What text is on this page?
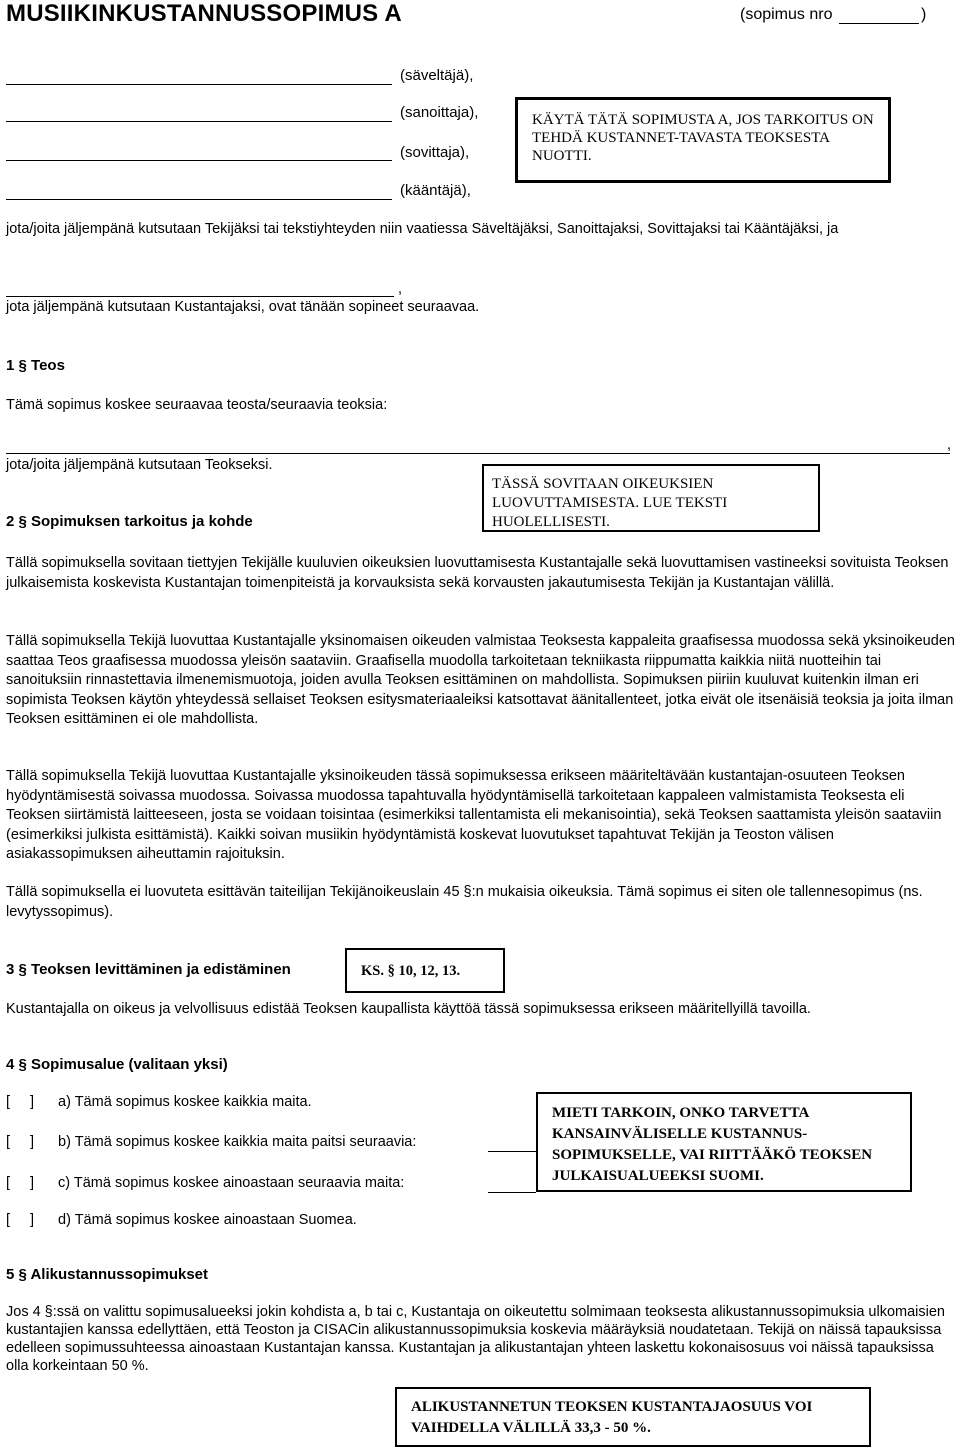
MUSIIKINKUSTANNUSSOPIMUS A	(sopimus nro	)
(säveltäjä),
(sanoittaja),
(sovittaja),
(kääntäjä),
KÄYTÄ TÄTÄ SOPIMUSTA A, JOS TARKOITUS ON TEHDÄ KUSTANNET-TAVASTA TEOKSESTA NUOTTI.
jota/joita jäljempänä kutsutaan Tekijäksi tai tekstiyhteyden niin vaatiessa Säveltäjäksi, Sanoittajaksi, Sovittajaksi tai Kääntäjäksi, ja
,
jota jäljempänä kutsutaan Kustantajaksi, ovat tänään sopineet seuraavaa.
1 § Teos
Tämä sopimus koskee seuraavaa teosta/seuraavia teoksia:
,
jota/joita jäljempänä kutsutaan Teokseksi.
TÄSSÄ SOVITAAN OIKEUKSIEN LUOVUTTAMISESTA. LUE TEKSTI HUOLELLISESTI.
2 § Sopimuksen tarkoitus ja kohde
Tällä sopimuksella sovitaan tiettyjen Tekijälle kuuluvien oikeuksien luovuttamisesta Kustantajalle sekä luovuttamisen vastineeksi sovituista Teoksen julkaisemista koskevista Kustantajan toimenpiteistä ja korvauksista sekä korvausten jakautumisesta Tekijän ja Kustantajan välillä.
Tällä sopimuksella Tekijä luovuttaa Kustantajalle yksinomaisen oikeuden valmistaa Teoksesta kappaleita graafisessa muodossa sekä yksinoikeuden saattaa Teos graafisessa muodossa yleisön saataviin. Graafisella muodolla tarkoitetaan tekniikasta riippumatta kaikkia niitä nuotteihin tai sanoituksiin rinnastettavia ilmenemismuotoja, joiden avulla Teoksen esittäminen on mahdollista. Sopimuksen piiriin kuuluvat kuitenkin ilman eri sopimista Teoksen käytön yhteydessä sellaiset Teoksen esitysmateriaaleiksi katsottavat äänitallenteet, jotka eivät ole itsenäisiä teoksia ja joita ilman Teoksen esittäminen ei ole mahdollista.
Tällä sopimuksella Tekijä luovuttaa Kustantajalle yksinoikeuden tässä sopimuksessa erikseen määriteltävään kustantajan-osuuteen Teoksen hyödyntämisestä soivassa muodossa. Soivassa muodossa tapahtuvalla hyödyntämisellä tarkoitetaan kappaleen valmistamista Teoksesta eli Teoksen siirtämistä laitteeseen, josta se voidaan toisintaa (esimerkiksi tallentamista eli mekanisointia), sekä Teoksen saattamista yleisön saataviin (esimerkiksi julkista esittämistä). Kaikki soivan musiikin hyödyntämistä koskevat luovutukset tapahtuvat Tekijän ja Teoston välisen asiakassopimuksen aiheuttamin rajoituksin.
Tällä sopimuksella ei luovuteta esittävän taiteilijan Tekijänoikeuslain 45 §:n mukaisia oikeuksia. Tämä sopimus ei siten ole tallennesopimus (ns. levytyssopimus).
3 § Teoksen levittäminen ja edistäminen	KS. § 10, 12, 13.
Kustantajalla on oikeus ja velvollisuus edistää Teoksen kaupallista käyttöä tässä sopimuksessa erikseen määritellyillä tavoilla.
4 § Sopimusalue (valitaan yksi)
[ ] a) Tämä sopimus koskee kaikkia maita.
[ ] b) Tämä sopimus koskee kaikkia maita paitsi seuraavia:
[ ] c) Tämä sopimus koskee ainoastaan seuraavia maita:
[ ] d) Tämä sopimus koskee ainoastaan Suomea.
MIETI TARKOIN, ONKO TARVETTA KANSAINVÄLISELLE KUSTANNUS-SOPIMUKSELLE, VAI RIITTÄÄKÖ TEOKSEN JULKAISUALUEEKSI SUOMI.
5 § Alikustannussopimukset
Jos 4 §:ssä on valittu sopimusalueeksi jokin kohdista a, b tai c, Kustantaja on oikeutettu solmimaan teoksesta alikustannussopimuksia ulkomaisien kustantajien kanssa edellyttäen, että Teoston ja CISACin alikustannussopimuksia koskevia määräyksiä noudatetaan. Tekijä on näissä tapauksissa edelleen sopimussuhteessa ainoastaan Kustantajan kanssa. Kustantajan ja alikustantajan yhteen laskettu kokonaisosuus voi näissä tapauksissa olla korkeintaan 50 %.
ALIKUSTANNETUN TEOKSEN KUSTANTAJAOSUUS VOI VAIHDELLA VÄLILLÄ 33,3 - 50 %.
